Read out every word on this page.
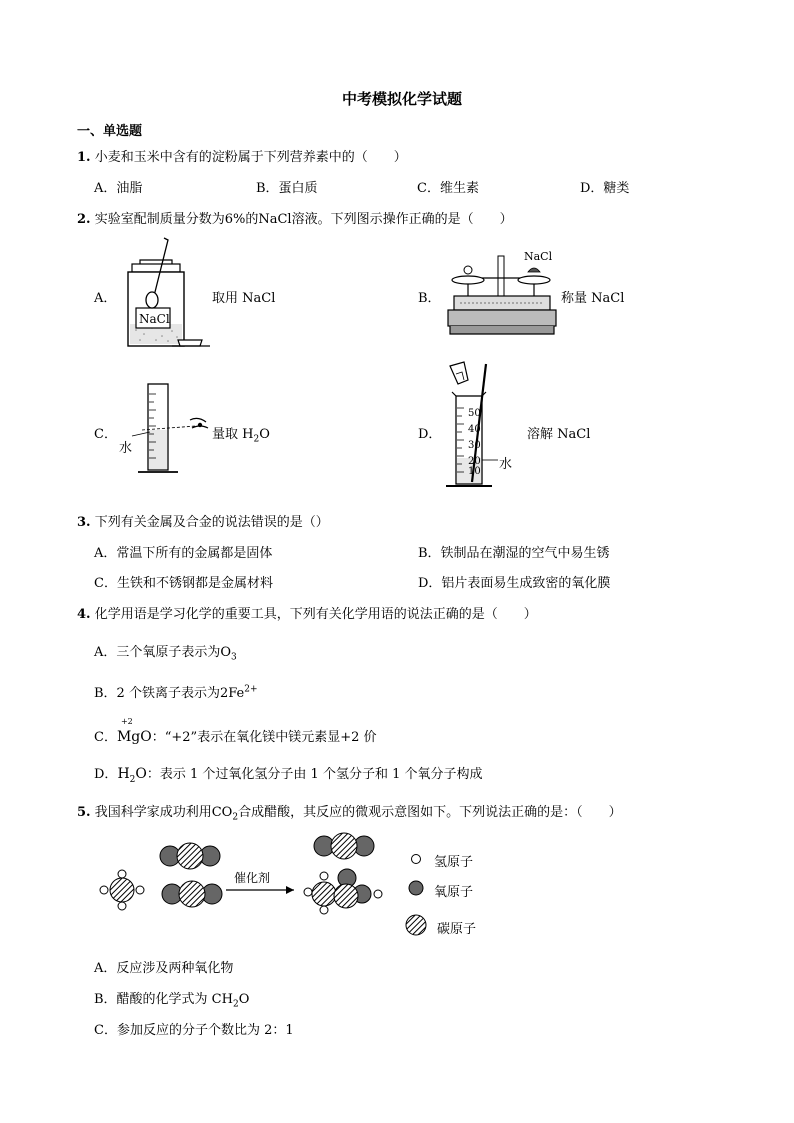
中考模拟化学试题
一、单选题
1. 小麦和玉米中含有的淀粉属于下列营养素中的（　　）
A．油脂	B．蛋白质	C．维生素	D．糖类
2. 实验室配制质量分数为6%的NaCl溶液。下列图示操作正确的是（　　）
A．
NaCl
取用 NaCl	B．
NaCl
称量 NaCl
C．
水
量取 $H_2O$	D．
50
40
30
20
10 水
溶解 NaCl
3. 下列有关金属及合金的说法错误的是（）
A．常温下所有的金属都是固体	B．铁制品在潮湿的空气中易生锈
C．生铁和不锈钢都是金属材料	D．铝片表面易生成致密的氧化膜
4. 化学用语是学习化学的重要工具，下列有关化学用语的说法正确的是（　　）
A．三个氧原子表示为$O_3$
B．2 个铁离子表示为$2Fe^{2+}$
C．
+2
MgO：“+2”表示在氧化镁中镁元素显+2 价
D．$H_2O$：表示 1 个过氧化氢分子由 1 个氢分子和 1 个氧分子构成
5. 我国科学家成功利用$CO_2$合成醋酸，其反应的微观示意图如下。下列说法正确的是：（　　）
催化剂
氢原子
氧原子
碳原子
A．反应涉及两种氧化物
B．醋酸的化学式为 $CH_2O$
C．参加反应的分子个数比为 2：1
